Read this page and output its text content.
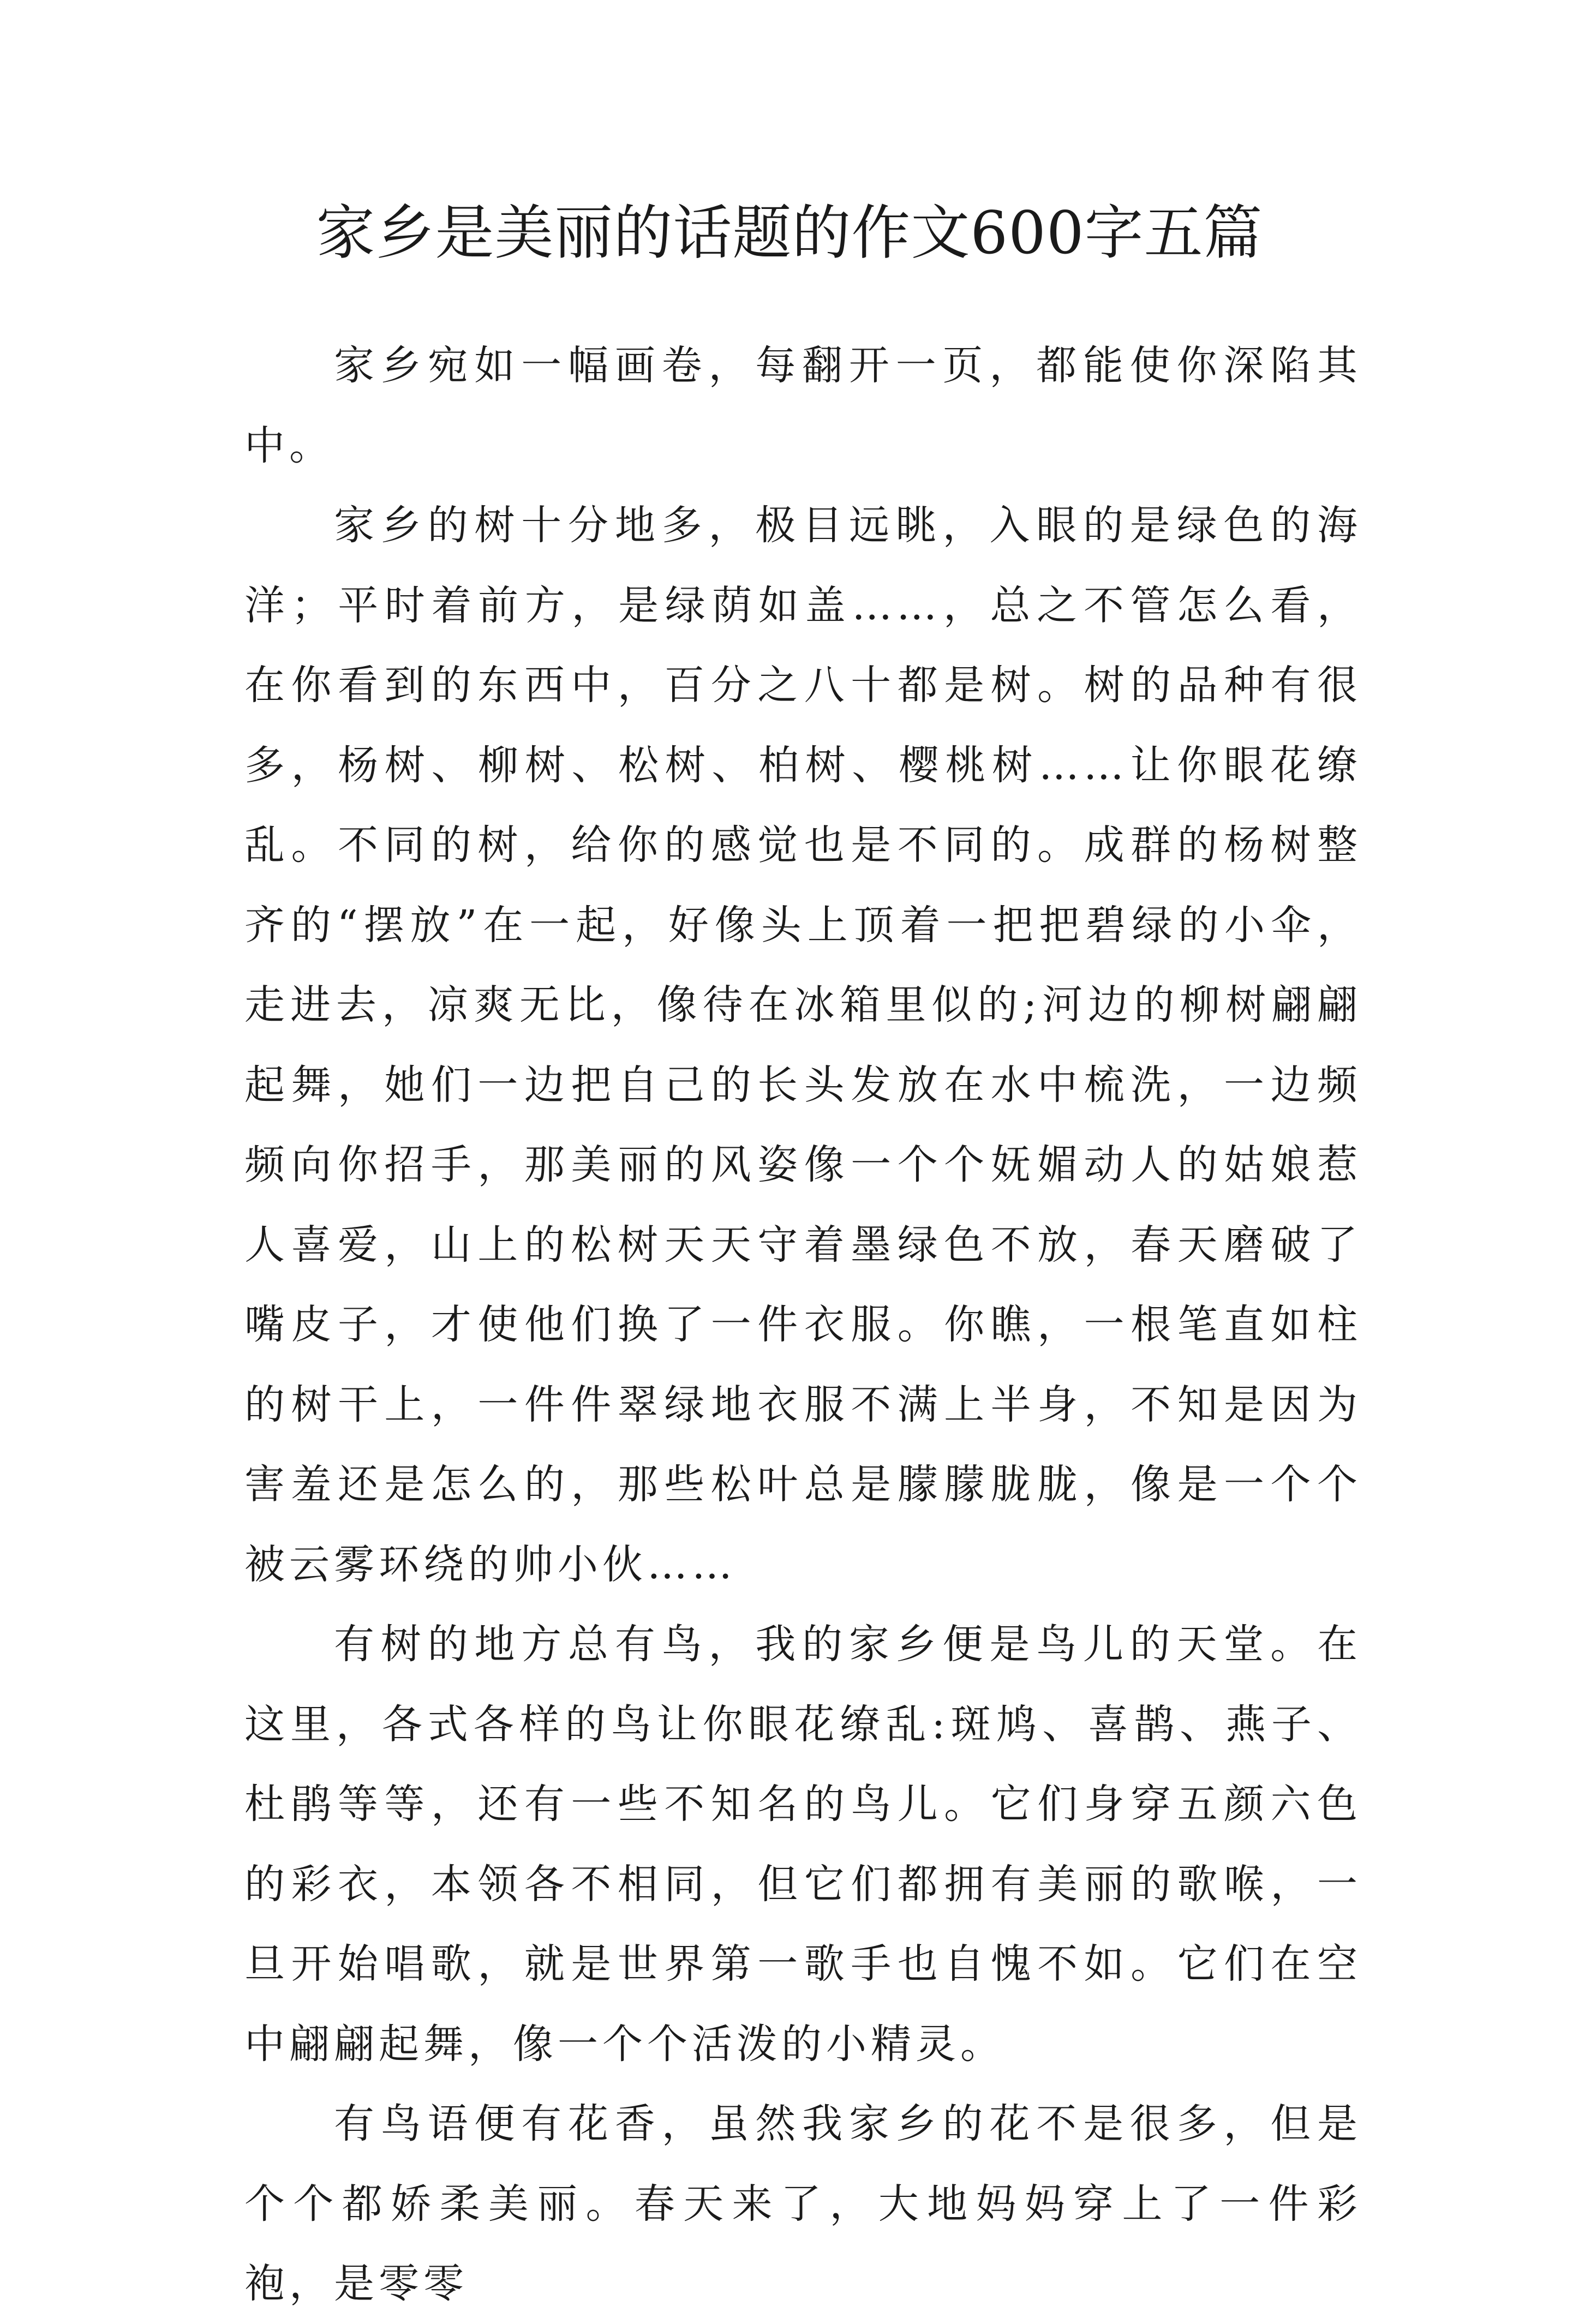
家乡是美丽的话题的作文600字五篇

家乡宛如一幅画卷，每翻开一页，都能使你深陷其中。

家乡的树十分地多，极目远眺，入眼的是绿色的海洋；平时着前方，是绿荫如盖……，总之不管怎么看，在你看到的东西中，百分之八十都是树。树的品种有很多，杨树、柳树、松树、柏树、樱桃树……让你眼花缭乱。不同的树，给你的感觉也是不同的。成群的杨树整齐的“摆放”在一起，好像头上顶着一把把碧绿的小伞，走进去，凉爽无比，像待在冰箱里似的;河边的柳树翩翩起舞，她们一边把自己的长头发放在水中梳洗，一边频频向你招手，那美丽的风姿像一个个妩媚动人的姑娘惹人喜爱，山上的松树天天守着墨绿色不放，春天磨破了嘴皮子，才使他们换了一件衣服。你瞧，一根笔直如柱的树干上，一件件翠绿地衣服不满上半身，不知是因为害羞还是怎么的，那些松叶总是朦朦胧胧，像是一个个被云雾环绕的帅小伙……

有树的地方总有鸟，我的家乡便是鸟儿的天堂。在这里，各式各样的鸟让你眼花缭乱:斑鸠、喜鹊、燕子、杜鹃等等，还有一些不知名的鸟儿。它们身穿五颜六色的彩衣，本领各不相同，但它们都拥有美丽的歌喉，一旦开始唱歌，就是世界第一歌手也自愧不如。它们在空中翩翩起舞，像一个个活泼的小精灵。

有鸟语便有花香，虽然我家乡的花不是很多，但是个个都娇柔美丽。春天来了，大地妈妈穿上了一件彩袍，是零零
